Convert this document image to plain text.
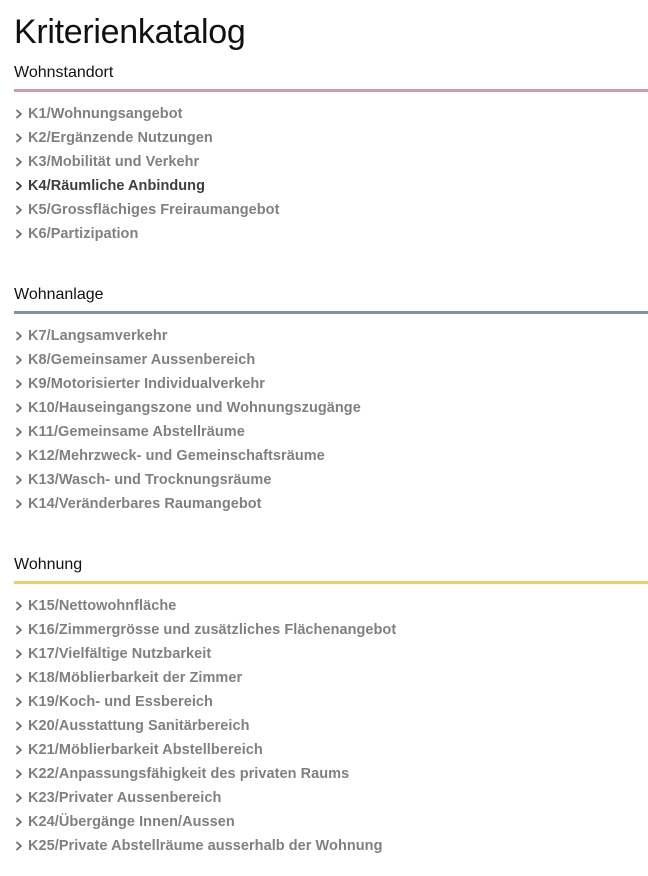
Kriterienkatalog
Wohnstandort
K1/Wohnungsangebot
K2/Ergänzende Nutzungen
K3/Mobilität und Verkehr
K4/Räumliche Anbindung
K5/Grossflächiges Freiraumangebot
K6/Partizipation
Wohnanlage
K7/Langsamverkehr
K8/Gemeinsamer Aussenbereich
K9/Motorisierter Individualverkehr
K10/Hauseingangszone und Wohnungszugänge
K11/Gemeinsame Abstellräume
K12/Mehrzweck- und Gemeinschaftsräume
K13/Wasch- und Trocknungsräume
K14/Veränderbares Raumangebot
Wohnung
K15/Nettowohnfläche
K16/Zimmergrösse und zusätzliches Flächenangebot
K17/Vielfältige Nutzbarkeit
K18/Möblierbarkeit der Zimmer
K19/Koch- und Essbereich
K20/Ausstattung Sanitärbereich
K21/Möblierbarkeit Abstellbereich
K22/Anpassungsfähigkeit des privaten Raums
K23/Privater Aussenbereich
K24/Übergänge Innen/Aussen
K25/Private Abstellräume ausserhalb der Wohnung
